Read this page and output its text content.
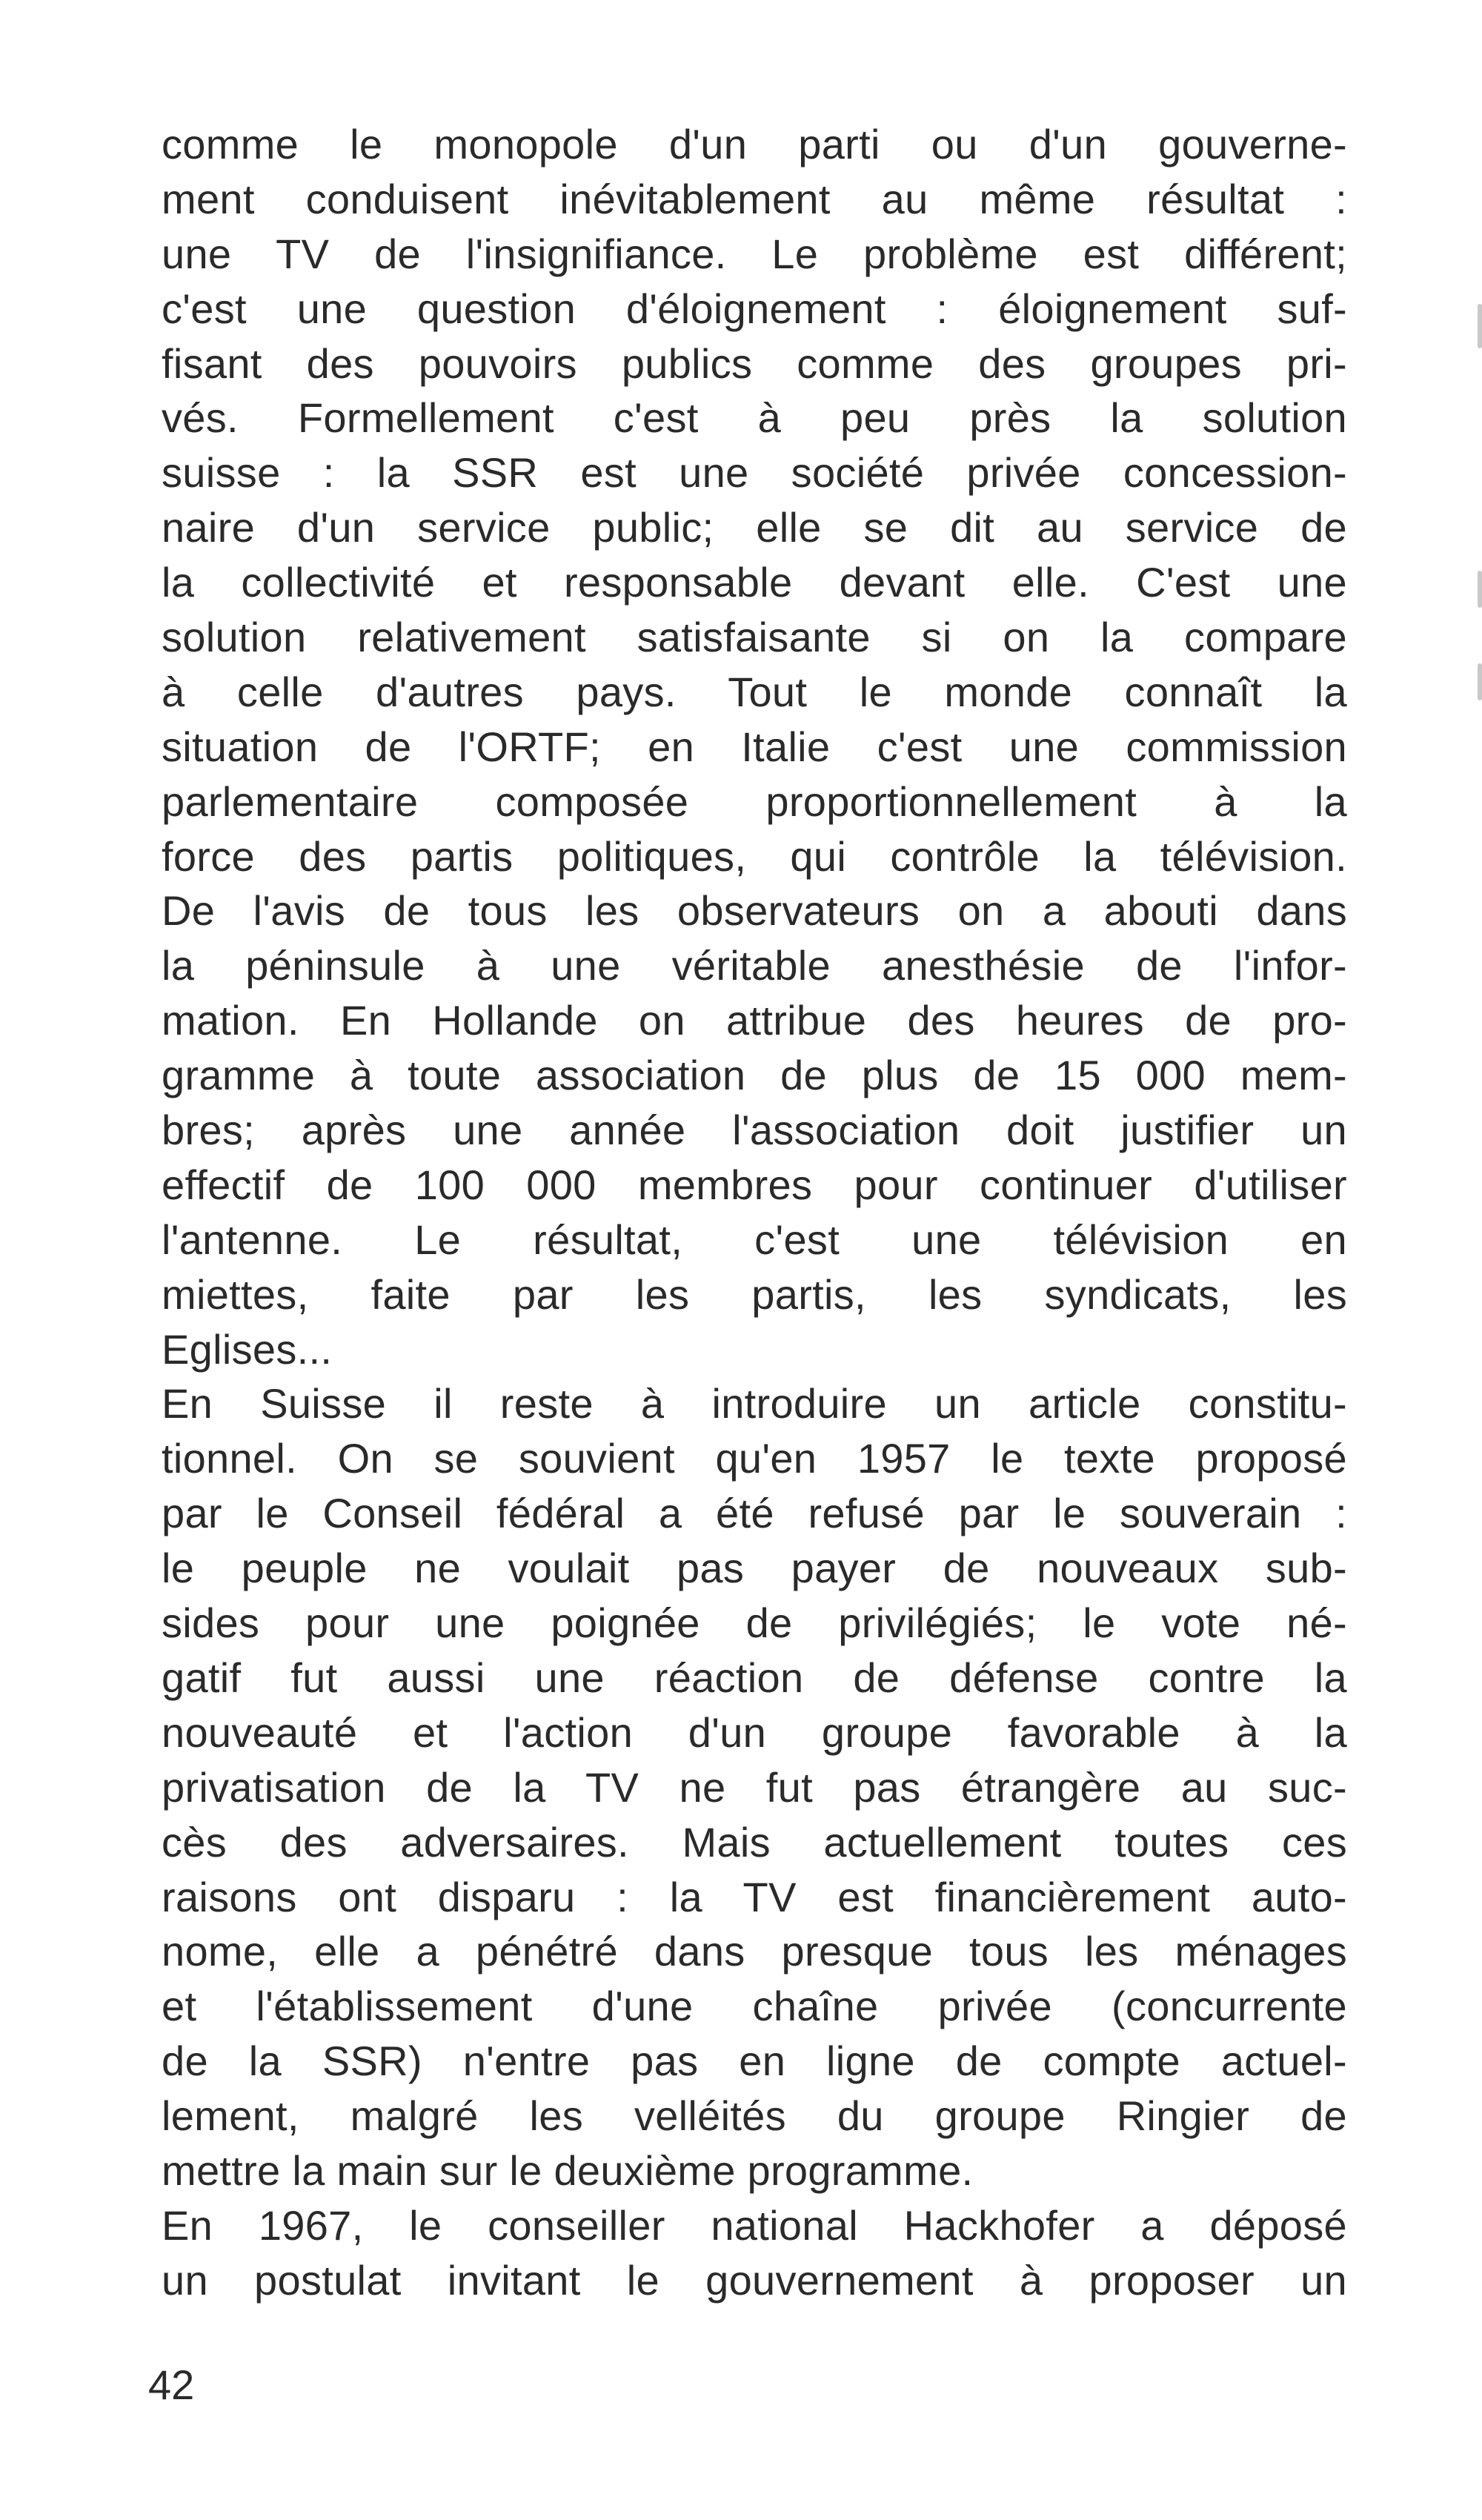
comme le monopole d'un parti ou d'un gouverne-
ment conduisent inévitablement au même résultat :
une TV de l'insignifiance. Le problème est différent;
c'est une question d'éloignement : éloignement suf-
fisant des pouvoirs publics comme des groupes pri-
vés. Formellement c'est à peu près la solution
suisse : la SSR est une société privée concession-
naire d'un service public; elle se dit au service de
la collectivité et responsable devant elle. C'est une
solution relativement satisfaisante si on la compare
à celle d'autres pays. Tout le monde connaît la
situation de l'ORTF; en Italie c'est une commission
parlementaire composée proportionnellement à la
force des partis politiques, qui contrôle la télévision.
De l'avis de tous les observateurs on a abouti dans
la péninsule à une véritable anesthésie de l'infor-
mation. En Hollande on attribue des heures de pro-
gramme à toute association de plus de 15 000 mem-
bres; après une année l'association doit justifier un
effectif de 100 000 membres pour continuer d'utiliser
l'antenne. Le résultat, c'est une télévision en
miettes, faite par les partis, les syndicats, les
Eglises...
En Suisse il reste à introduire un article constitu-
tionnel. On se souvient qu'en 1957 le texte proposé
par le Conseil fédéral a été refusé par le souverain :
le peuple ne voulait pas payer de nouveaux sub-
sides pour une poignée de privilégiés; le vote né-
gatif fut aussi une réaction de défense contre la
nouveauté et l'action d'un groupe favorable à la
privatisation de la TV ne fut pas étrangère au suc-
cès des adversaires. Mais actuellement toutes ces
raisons ont disparu : la TV est financièrement auto-
nome, elle a pénétré dans presque tous les ménages
et l'établissement d'une chaîne privée (concurrente
de la SSR) n'entre pas en ligne de compte actuel-
lement, malgré les velléités du groupe Ringier de
mettre la main sur le deuxième programme.
En 1967, le conseiller national Hackhofer a déposé
un postulat invitant le gouvernement à proposer un
42
